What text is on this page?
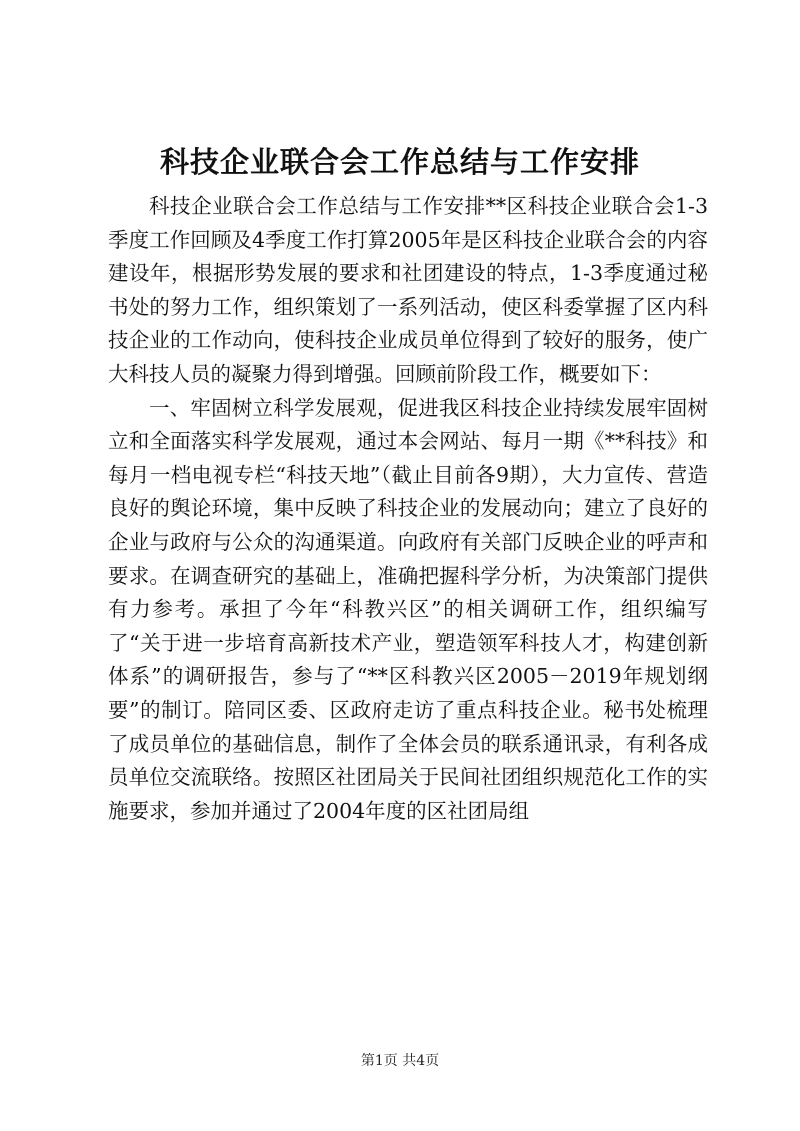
科技企业联合会工作总结与工作安排

科技企业联合会工作总结与工作安排**区科技企业联合会1-3季度工作回顾及4季度工作打算2005年是区科技企业联合会的内容建设年，根据形势发展的要求和社团建设的特点，1-3季度通过秘书处的努力工作，组织策划了一系列活动，使区科委掌握了区内科技企业的工作动向，使科技企业成员单位得到了较好的服务，使广大科技人员的凝聚力得到增强。回顾前阶段工作，概要如下：

一、牢固树立科学发展观，促进我区科技企业持续发展牢固树立和全面落实科学发展观，通过本会网站、每月一期《**科技》和每月一档电视专栏“科技天地”（截止目前各9期），大力宣传、营造良好的舆论环境，集中反映了科技企业的发展动向；建立了良好的企业与政府与公众的沟通渠道。向政府有关部门反映企业的呼声和要求。在调查研究的基础上，准确把握科学分析，为决策部门提供有力参考。承担了今年“科教兴区”的相关调研工作，组织编写了“关于进一步培育高新技术产业，塑造领军科技人才，构建创新体系”的调研报告，参与了“**区科教兴区2005－2019年规划纲要”的制订。陪同区委、区政府走访了重点科技企业。秘书处梳理了成员单位的基础信息，制作了全体会员的联系通讯录，有利各成员单位交流联络。按照区社团局关于民间社团组织规范化工作的实施要求，参加并通过了2004年度的区社团局组

第1页 共4页
